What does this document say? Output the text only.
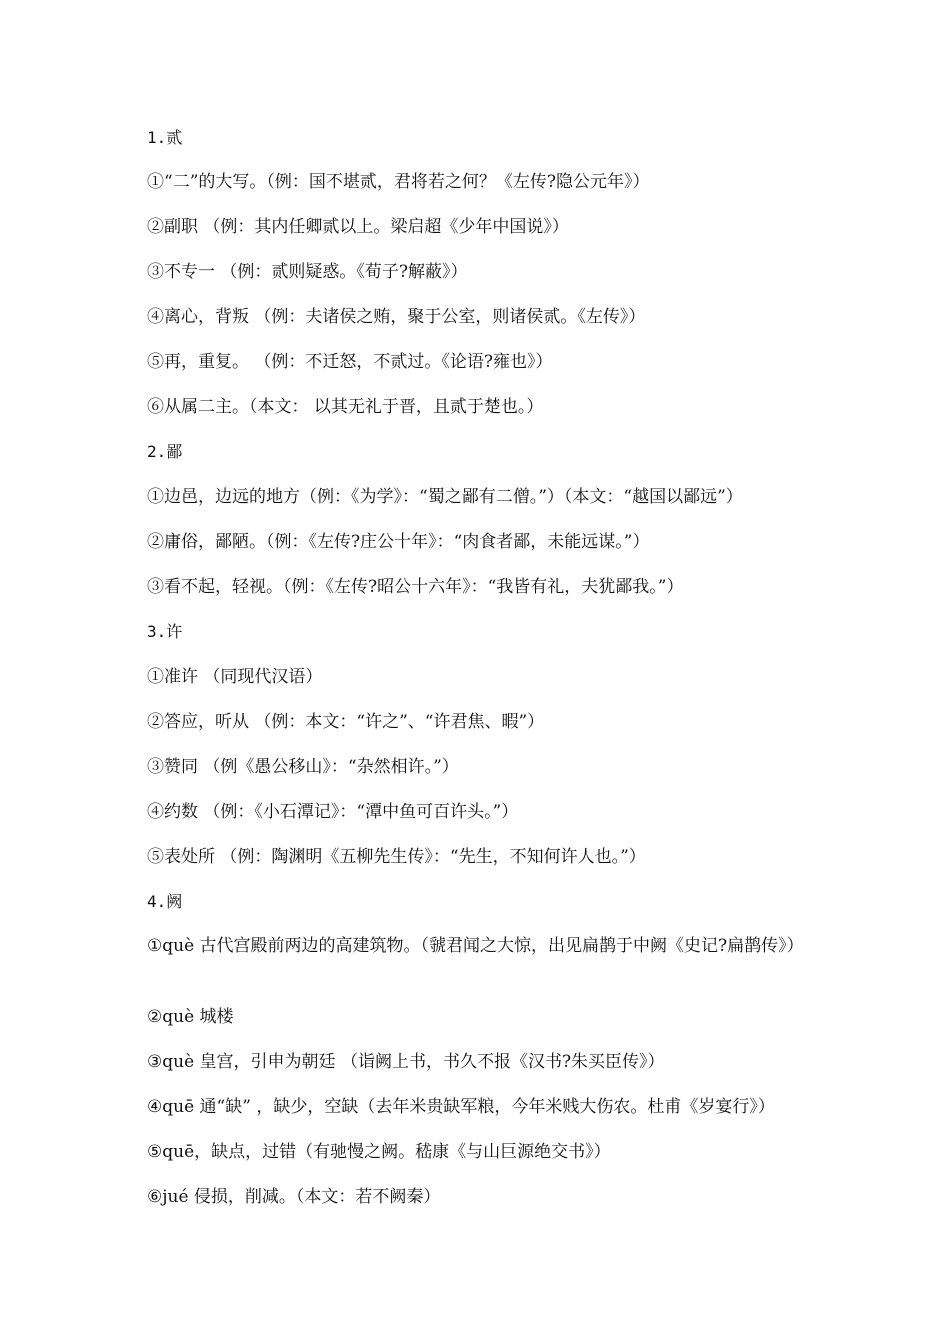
1.贰
①“二”的大写。（例：国不堪贰，君将若之何？《左传?隐公元年》）
②副职 （例：其内任卿贰以上。梁启超《少年中国说》）
③不专一 （例：贰则疑惑。《荀子?解蔽》）
④离心，背叛 （例：夫诸侯之贿，聚于公室，则诸侯贰。《左传》）
⑤再，重复。 （例：不迁怒，不贰过。《论语?雍也》）
⑥从属二主。（本文： 以其无礼于晋，且贰于楚也。）
2.鄙
①边邑，边远的地方（例：《为学》：“蜀之鄙有二僧。”）（本文：“越国以鄙远”）
②庸俗，鄙陋。（例：《左传?庄公十年》：“肉食者鄙，未能远谋。”）
③看不起，轻视。（例：《左传?昭公十六年》：“我皆有礼，夫犹鄙我。”）
3.许
①准许 （同现代汉语）
②答应，听从 （例：本文：“许之”、“许君焦、暇”）
③赞同 （例《愚公移山》：“杂然相许。”）
④约数 （例：《小石潭记》：“潭中鱼可百许头。”）
⑤表处所 （例：陶渊明《五柳先生传》：“先生，不知何许人也。”）
4.阙
①què 古代宫殿前两边的高建筑物。（虢君闻之大惊，出见扁鹊于中阙《史记?扁鹊传》）
②què 城楼
③què 皇宫，引申为朝廷 （诣阙上书，书久不报《汉书?朱买臣传》）
④quē 通“缺” ，缺少，空缺（去年米贵缺军粮，今年米贱大伤农。杜甫《岁宴行》）
⑤quē，缺点，过错（有驰慢之阙。嵇康《与山巨源绝交书》）
⑥jué 侵损，削减。（本文：若不阙秦）
